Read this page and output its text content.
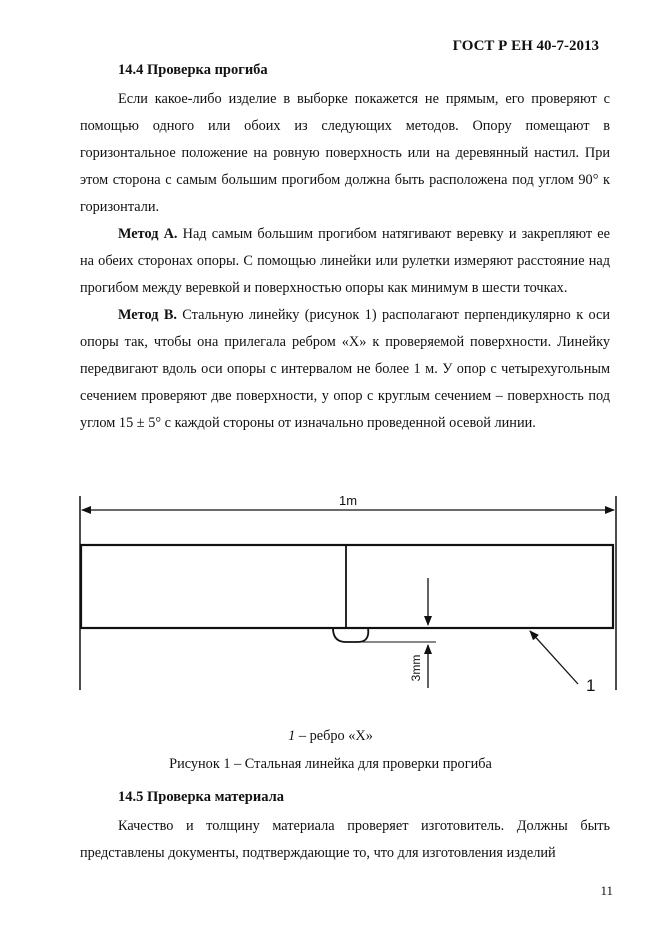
ГОСТ Р ЕН 40-7-2013
14.4 Проверка прогиба

Если какое-либо изделие в выборке покажется не прямым, его проверяют с помощью одного или обоих из следующих методов. Опору помещают в горизонтальное положение на ровную поверхность или на деревянный настил. При этом сторона с самым большим прогибом должна быть расположена под углом 90° к горизонтали.

Метод А. Над самым большим прогибом натягивают веревку и закрепляют ее на обеих сторонах опоры. С помощью линейки или рулетки измеряют расстояние над прогибом между веревкой и поверхностью опоры как минимум в шести точках.

Метод В. Стальную линейку (рисунок 1) располагают перпендикулярно к оси опоры так, чтобы она прилегала ребром «Х» к проверяемой поверхности. Линейку передвигают вдоль оси опоры с интервалом не более 1 м. У опор с четырехугольным сечением проверяют две поверхности, у опор с круглым сечением – поверхность под углом 15 ± 5° с каждой стороны от изначально проведенной осевой линии.

1m
3mm
1
1 – ребро «Х»
Рисунок 1 – Стальная линейка для проверки прогиба
14.5 Проверка материала

Качество и толщину материала проверяет изготовитель. Должны быть представлены документы, подтверждающие то, что для изготовления изделий

11
